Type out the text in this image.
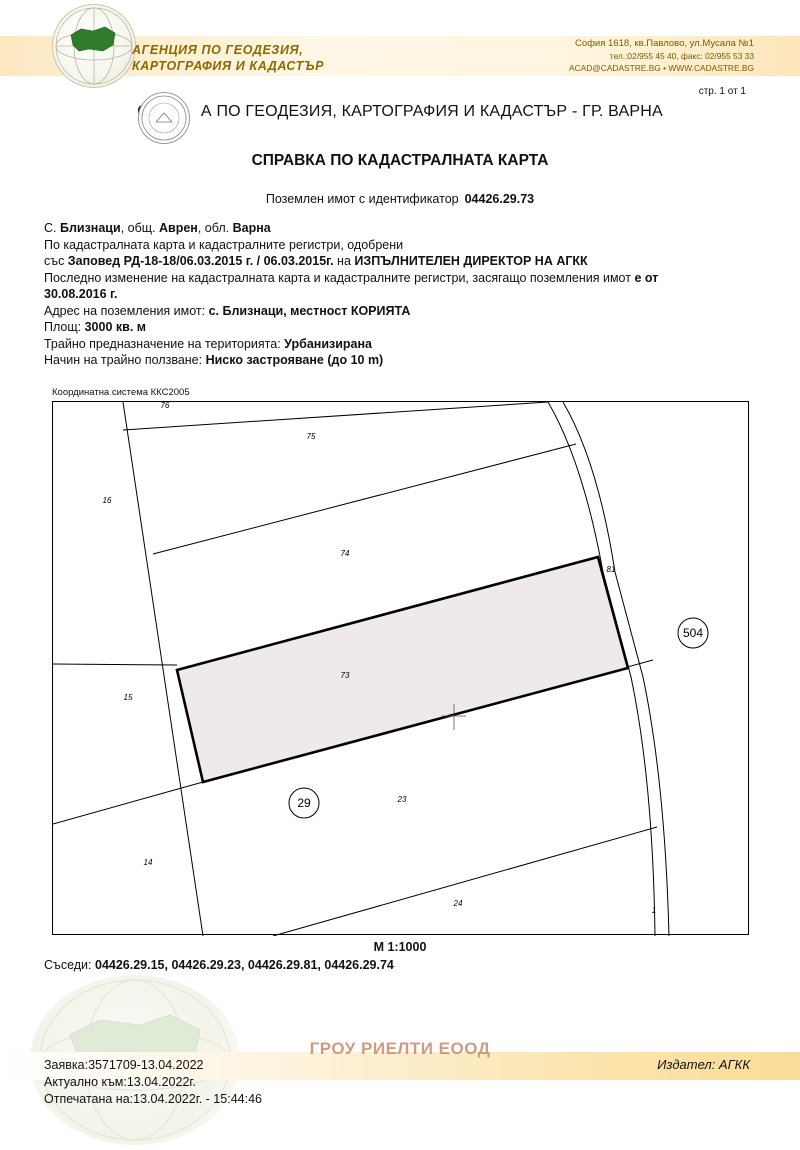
АГЕНЦИЯ ПО ГЕОДЕЗИЯ,
КАРТОГРАФИЯ И КАДАСТЪР
София 1618, кв.Павлово, ул.Мусала №1
тел.:02/955 45 40, факс: 02/955 53 33
ACAD@CADASTRE.BG • WWW.CADASTRE.BG
стр. 1 от 1
А ПО ГЕОДЕЗИЯ, КАРТОГРАФИЯ И КАДАСТЪР - ГР. ВАРНА
СПРАВКА ПО КАДАСТРАЛНАТА КАРТА
Поземлен имот с идентификатор 04426.29.73
С. Близнаци, общ. Аврен, обл. Варна
По кадастралната карта и кадастралните регистри, одобрени
със Заповед РД-18-18/06.03.2015 г. / 06.03.2015г. на ИЗПЪЛНИТЕЛЕН ДИРЕКТОР НА АГКК
Последно изменение на кадастралната карта и кадастралните регистри, засягащо поземления имот е от
30.08.2016 г.
Адрес на поземления имот: с. Близнаци, местност КОРИЯТА
Площ: 3000 кв. м
Трайно предназначение на територията: Урбанизирана
Начин на трайно ползване: Ниско застрояване (до 10 m)
Координатна система ККС2005
76
75
16
74
81
73
15
23
14
24
1
504
29
М 1:1000
Съседи: 04426.29.15, 04426.29.23, 04426.29.81, 04426.29.74
ГРОУ РИЕЛТИ ЕООД
Заявка:3571709-13.04.2022
Актуално към:13.04.2022г.
Отпечатана на:13.04.2022г. - 15:44:46
Издател: АГКК
